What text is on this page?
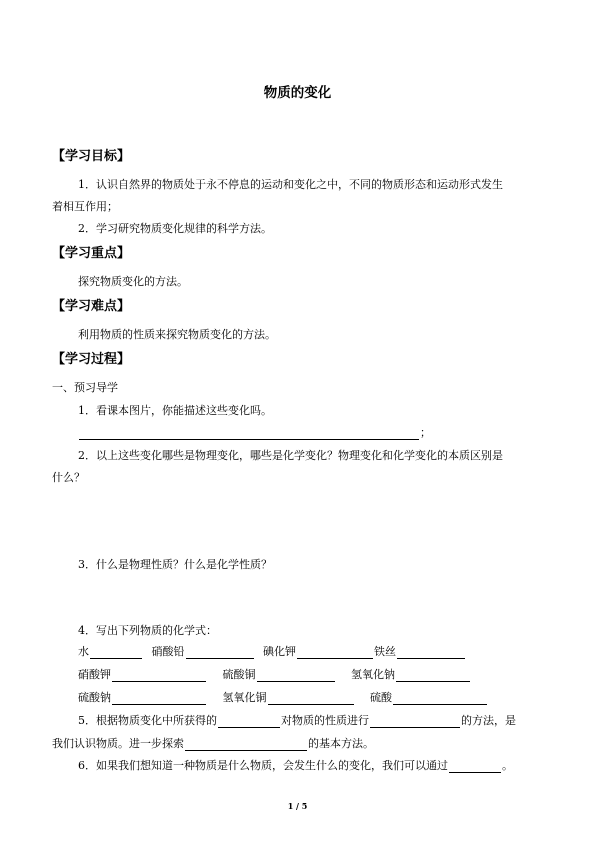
物质的变化
【学习目标】
1．认识自然界的物质处于永不停息的运动和变化之中，不同的物质形态和运动形式发生
着相互作用；
2．学习研究物质变化规律的科学方法。
【学习重点】
探究物质变化的方法。
【学习难点】
利用物质的性质来探究物质变化的方法。
【学习过程】
一、预习导学
1．看课本图片，你能描述这些变化吗。
；
2．以上这些变化哪些是物理变化，哪些是化学变化？物理变化和化学变化的本质区别是
什么？
3．什么是物理性质？什么是化学性质？
4．写出下列物质的化学式：
水	硝酸铅	碘化钾	铁丝
硝酸钾	硫酸铜	氢氧化钠
硫酸钠	氢氧化铜	硫酸
5．根据物质变化中所获得的	对物质的性质进行	的方法，是
我们认识物质。进一步探索	的基本方法。
6．如果我们想知道一种物质是什么物质，会发生什么的变化，我们可以通过	。
1 / 5
